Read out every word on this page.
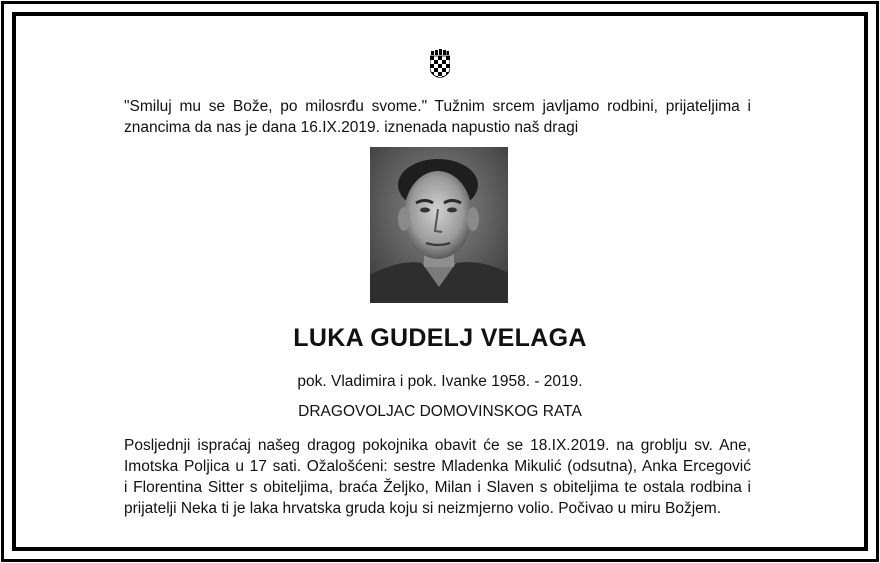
"Smiluj mu se Bože, po milosrđu svome." Tužnim srcem javljamo rodbini, prijateljima i
znancima da nas je dana 16.IX.2019. iznenada napustio naš dragi

LUKA GUDELJ VELAGA

pok. Vladimira i pok. Ivanke 1958. - 2019.

DRAGOVOLJAC DOMOVINSKOG RATA

Posljednji ispraćaj našeg dragog pokojnika obavit će se 18.IX.2019. na groblju sv. Ane,
Imotska Poljica u 17 sati. Ožalošćeni: sestre Mladenka Mikulić (odsutna), Anka Ercegović
i Florentina Sitter s obiteljima, braća Željko, Milan i Slaven s obiteljima te ostala rodbina i
prijatelji Neka ti je laka hrvatska gruda koju si neizmjerno volio. Počivao u miru Božjem.
